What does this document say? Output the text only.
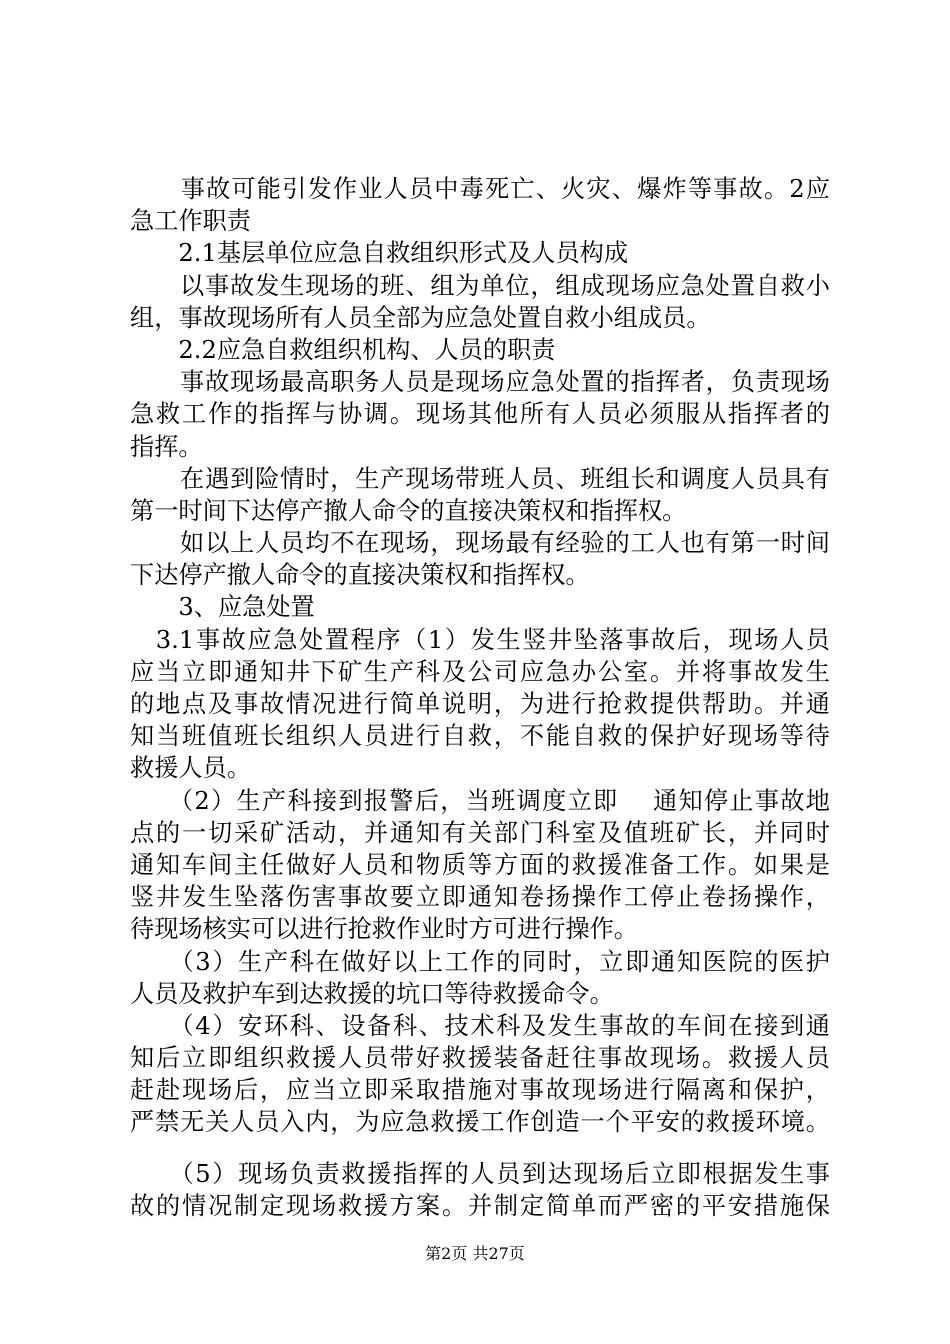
　　事故可能引发作业人员中毒死亡、火灾、爆炸等事故。2应
急工作职责
　　2.1基层单位应急自救组织形式及人员构成
　　以事故发生现场的班、组为单位，组成现场应急处置自救小
组，事故现场所有人员全部为应急处置自救小组成员。
　　2.2应急自救组织机构、人员的职责
　　事故现场最高职务人员是现场应急处置的指挥者，负责现场
急救工作的指挥与协调。现场其他所有人员必须服从指挥者的
指挥。
　　在遇到险情时，生产现场带班人员、班组长和调度人员具有
第一时间下达停产撤人命令的直接决策权和指挥权。
　　如以上人员均不在现场，现场最有经验的工人也有第一时间
下达停产撤人命令的直接决策权和指挥权。
　　3、应急处置
　3.1事故应急处置程序（1）发生竖井坠落事故后，现场人员
应当立即通知井下矿生产科及公司应急办公室。并将事故发生
的地点及事故情况进行简单说明，为进行抢救提供帮助。并通
知当班值班长组织人员进行自救，不能自救的保护好现场等待
救援人员。
　　（2）生产科接到报警后，当班调度立即　 通知停止事故地
点的一切采矿活动，并通知有关部门科室及值班矿长，并同时
通知车间主任做好人员和物质等方面的救援准备工作。如果是
竖井发生坠落伤害事故要立即通知卷扬操作工停止卷扬操作，
待现场核实可以进行抢救作业时方可进行操作。
　　（3）生产科在做好以上工作的同时，立即通知医院的医护
人员及救护车到达救援的坑口等待救援命令。
　　（4）安环科、设备科、技术科及发生事故的车间在接到通
知后立即组织救援人员带好救援装备赶往事故现场。救援人员
赶赴现场后，应当立即采取措施对事故现场进行隔离和保护，
严禁无关人员入内，为应急救援工作创造一个平安的救援环境。
　　（5）现场负责救援指挥的人员到达现场后立即根据发生事
故的情况制定现场救援方案。并制定简单而严密的平安措施保
第2页 共27页
